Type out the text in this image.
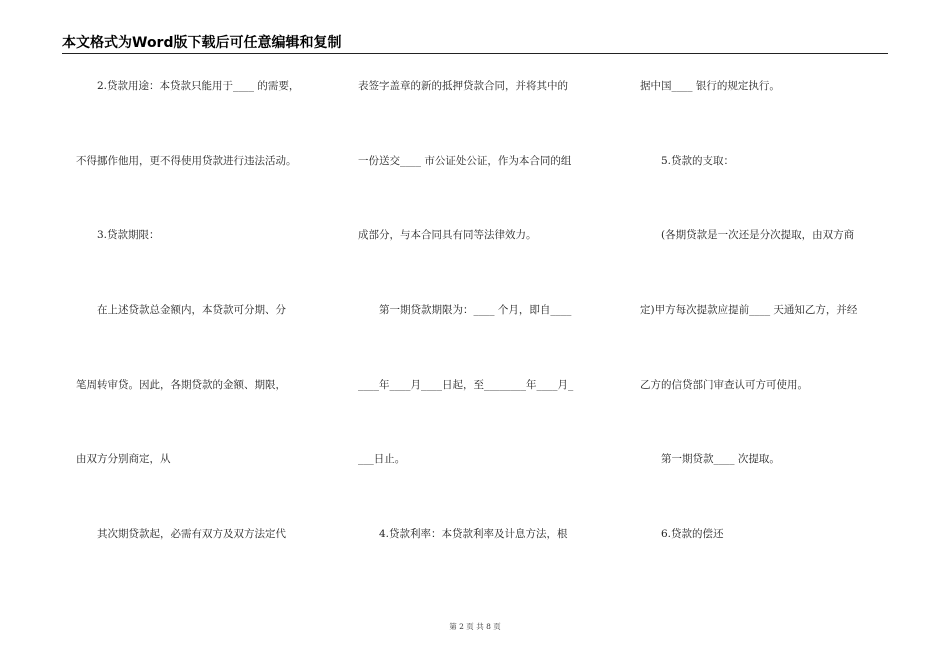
本文格式为Word版下载后可任意编辑和复制
　　2.贷款用途：本贷款只能用于____ 的需要，
不得挪作他用，更不得使用贷款进行违法活动。
　　3.贷款期限：
　　在上述贷款总金额内，本贷款可分期、分
笔周转审贷。因此，各期贷款的金额、期限，
由双方分别商定，从
　　其次期贷款起，必需有双方及双方法定代
表签字盖章的新的抵押贷款合同，并将其中的
一份送交____ 市公证处公证，作为本合同的组
成部分，与本合同具有同等法律效力。
　　第一期贷款期限为：____ 个月，即自____
____年____月____日起，至________年____月_
___日止。
　　4.贷款利率：本贷款利率及计息方法，根
据中国____ 银行的规定执行。
　　5.贷款的支取：
　　(各期贷款是一次还是分次提取，由双方商
定)甲方每次提款应提前____ 天通知乙方，并经
乙方的信贷部门审查认可方可使用。
　　第一期贷款____ 次提取。
　　6.贷款的偿还
第 2 页 共 8 页
